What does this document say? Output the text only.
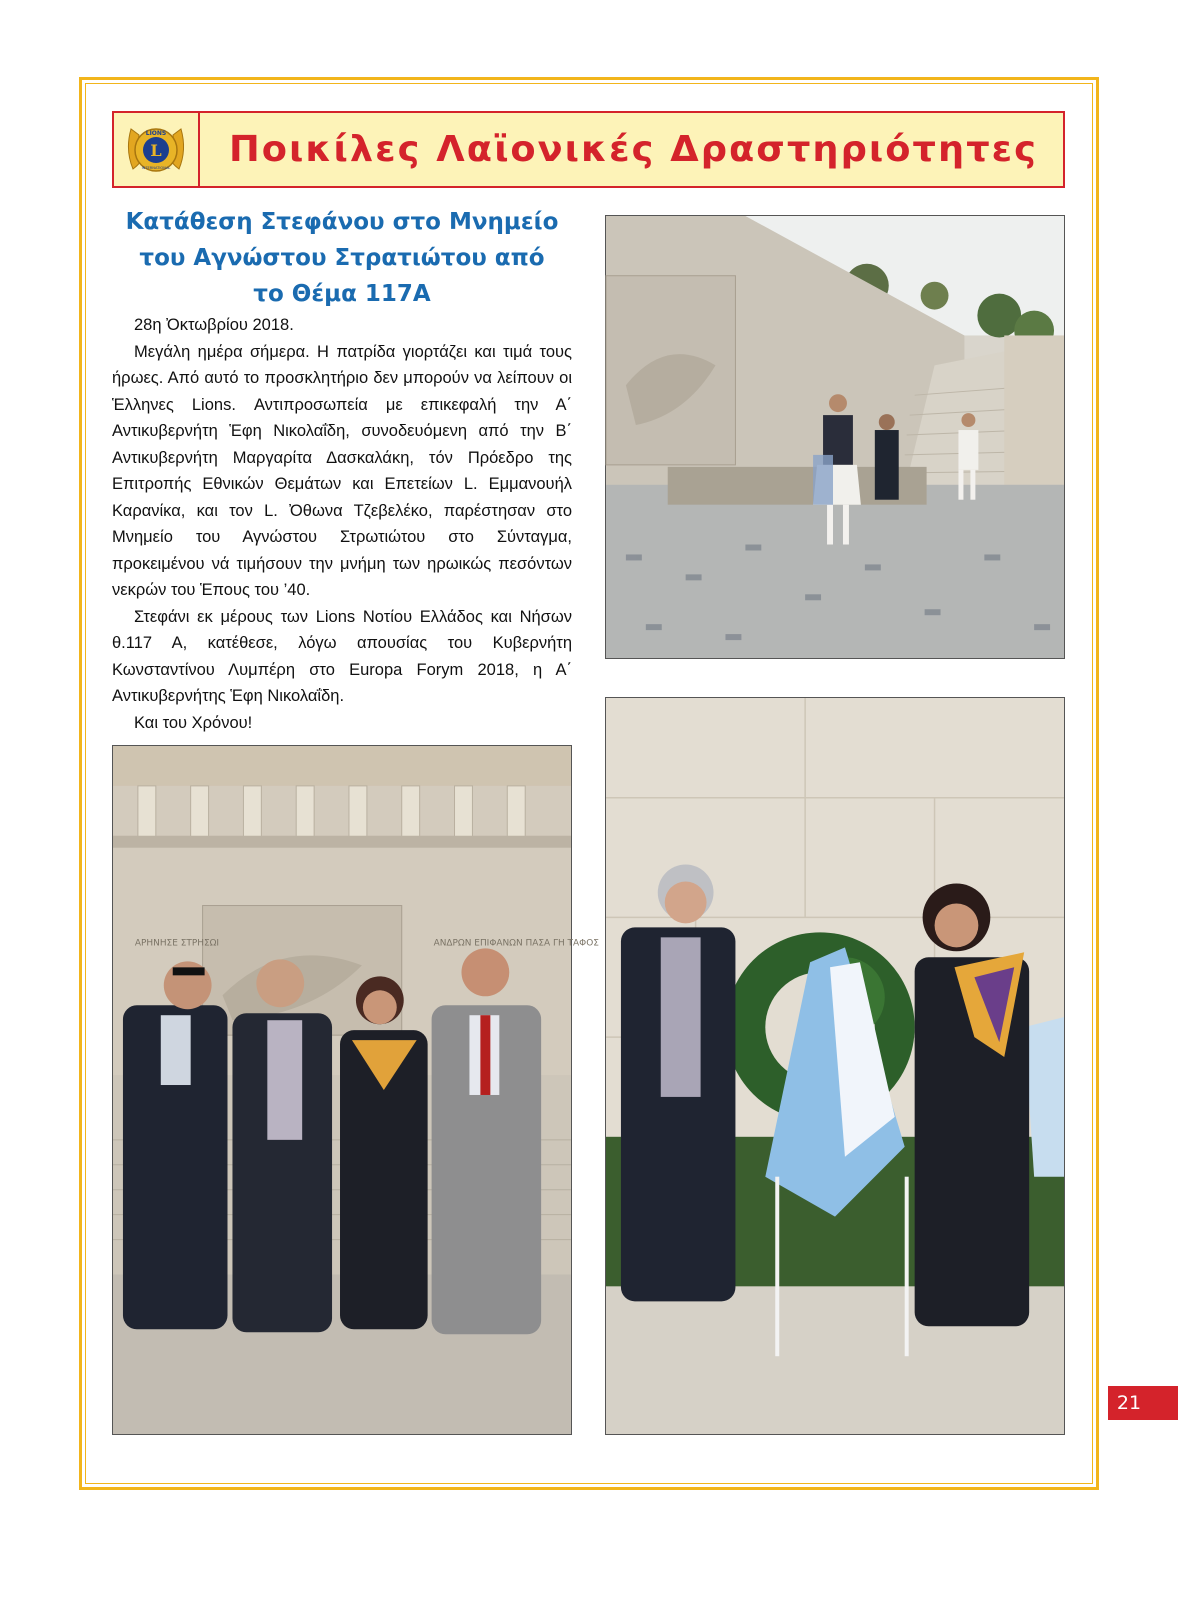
L
LIONS
INTERNATIONAL	Ποικίλες Λαϊονικές Δραστηριότητες
Κατάθεση Στεφάνου στο Μνημείο
του Αγνώστου Στρατιώτου από
το Θέμα 117Α

28η Ὀκτωβρίου 2018.

Μεγάλη ημέρα σήμερα. Η πατρίδα γιορτάζει και τιμά τους ήρωες. Από αυτό το προσκλητήριο δεν μπορούν να λείπουν οι Ἑλληνες Lions. Αντιπροσωπεία με επικεφαλή την Α΄ Αντικυβερνήτη Ἑφη Νικολαΐδη, συνοδευόμενη από την Β΄ Αντικυβερνήτη Μαργαρίτα Δασκαλάκη, τόν Πρόεδρο της Επιτροπής Εθνικών Θεμάτων και Επετείων L. Εμμανουήλ Καρανίκα, και τον L. Ὀθωνα Τζεβελέκο, παρέστησαν στο Μνημείο του Αγνώστου Στρωτιώτου στο Σύνταγμα, προκειμένου νά τιμήσουν την μνήμη των ηρωικώς πεσόντων νεκρών του Ἑπους του ’40.

Στεφάνι εκ μέρους των Lions Νοτίου Ελλάδος και Νήσων θ.117 Α, κατέθεσε, λόγω απουσίας του Κυβερνήτη Κωνσταντίνου Λυμπέρη στο Europa Forym 2018, η Α΄ Αντικυβερνήτης Ἑφη Νικολαΐδη.

Και του Χρόνου!

ΑΡΗΝΗΣΕ ΣΤΡΗΣΩΙ	ΑΝΔΡΩΝ ΕΠΙΦΑΝΩΝ ΠΑΣΑ ΓΗ ΤΑΦΟΣ
21
